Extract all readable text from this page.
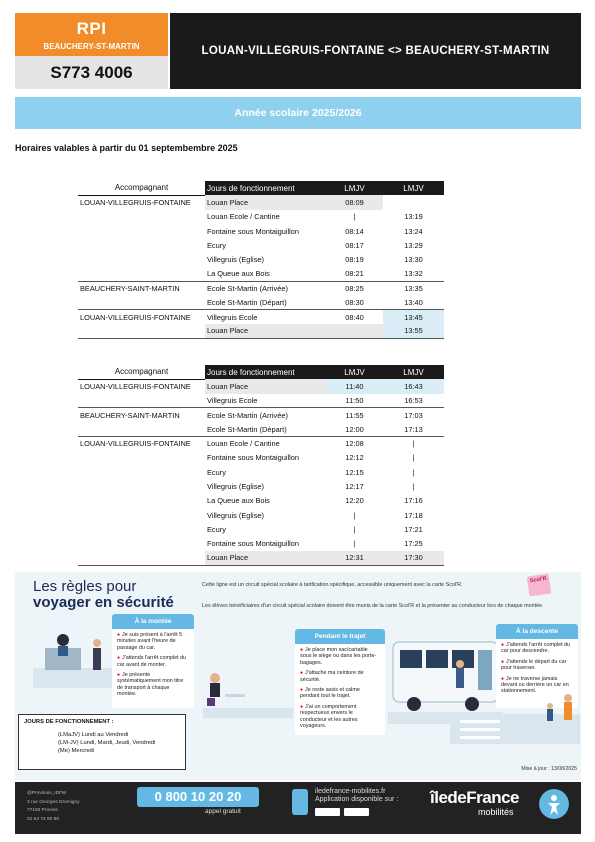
RPI
BEAUCHERY-ST-MARTIN
S773 4006
LOUAN-VILLEGRUIS-FONTAINE <> BEAUCHERY-ST-MARTIN
Année scolaire 2025/2026
Horaires valables à partir du 01 septembembre 2025
Accompagnant	Jours de fonctionnement	LMJV	LMJV
LOUAN-VILLEGRUIS-FONTAINE	Louan Place	08:09	
	Louan Ecole / Cantine	|	13:19
	Fontaine sous Montaiguillon	08:14	13:24
	Ecury	08:17	13:29
	Villegruis (Eglise)	08:19	13:30
	La Queue aux Bois	08:21	13:32
BEAUCHERY-SAINT-MARTIN	Ecole St-Martin (Arrivée)	08:25	13:35
	Ecole St-Martin (Départ)	08:30	13:40
LOUAN-VILLEGRUIS-FONTAINE	Villegruis Ecole	08:40	13:45
	Louan Place		13:55
Accompagnant	Jours de fonctionnement	LMJV	LMJV
LOUAN-VILLEGRUIS-FONTAINE	Louan Place	11:40	16:43
	Villegruis Ecole	11:50	16:53
BEAUCHERY-SAINT-MARTIN	Ecole St-Martin (Arrivée)	11:55	17:03
	Ecole St-Martin (Départ)	12:00	17:13
LOUAN-VILLEGRUIS-FONTAINE	Louan Ecole / Cantine	12:08	|
	Fontaine sous Montaiguillon	12:12	|
	Ecury	12:15	|
	Villegruis (Eglise)	12:17	|
	La Queue aux Bois	12:20	17:16
	Villegruis (Eglise)	|	17:18
	Ecury	|	17:21
	Fontaine sous Montaiguillon	|	17:25
	Louan Place	12:31	17:30
Les règles pour
voyager en sécurité
Cette ligne est un circuit spécial scolaire à tarification spécifique, accessible uniquement avec la carte Scol'R.
Les élèves bénéficiaires d'un circuit spécial scolaire doivent être munis de la carte Scol'R et la présenter au conducteur lors de chaque montée.
Scol'R
À la montée
● Je suis présent à l'arrêt 5 minutes avant l'heure de passage du car.
● J'attends l'arrêt complet du car avant de monter.
● Je présente systématiquement mon titre de transport à chaque montée.
Pendant le trajet
● Je place mon sac/cartable sous le siège ou dans les porte-bagages.
● J'attache ma ceinture de sécurité.
● Je reste assis et calme pendant tout le trajet.
● J'ai un comportement respectueux envers le conducteur et les autres voyageurs.
À la descente
● J'attends l'arrêt complet du car pour descendre.
● J'attends le départ du car pour traverser.
● Je ne traverse jamais devant ou derrière un car en stationnement.
JOURS DE FONCTIONNEMENT :
(LMaJV) Lundi au Vendredi
(LM-JV) Lundi, Mardi, Jeudi, Vendredi
(Me) Mercredi
Mise à jour : 13/08/2025
@Provinois_IDFM
2 rue Georges Dromigny
77160 Provins
01 64 74 50 90
0 800 10 20 20
appel gratuit
iledefrance-mobilites.fr
Application disponible sur : îledeFrance
mobilités
